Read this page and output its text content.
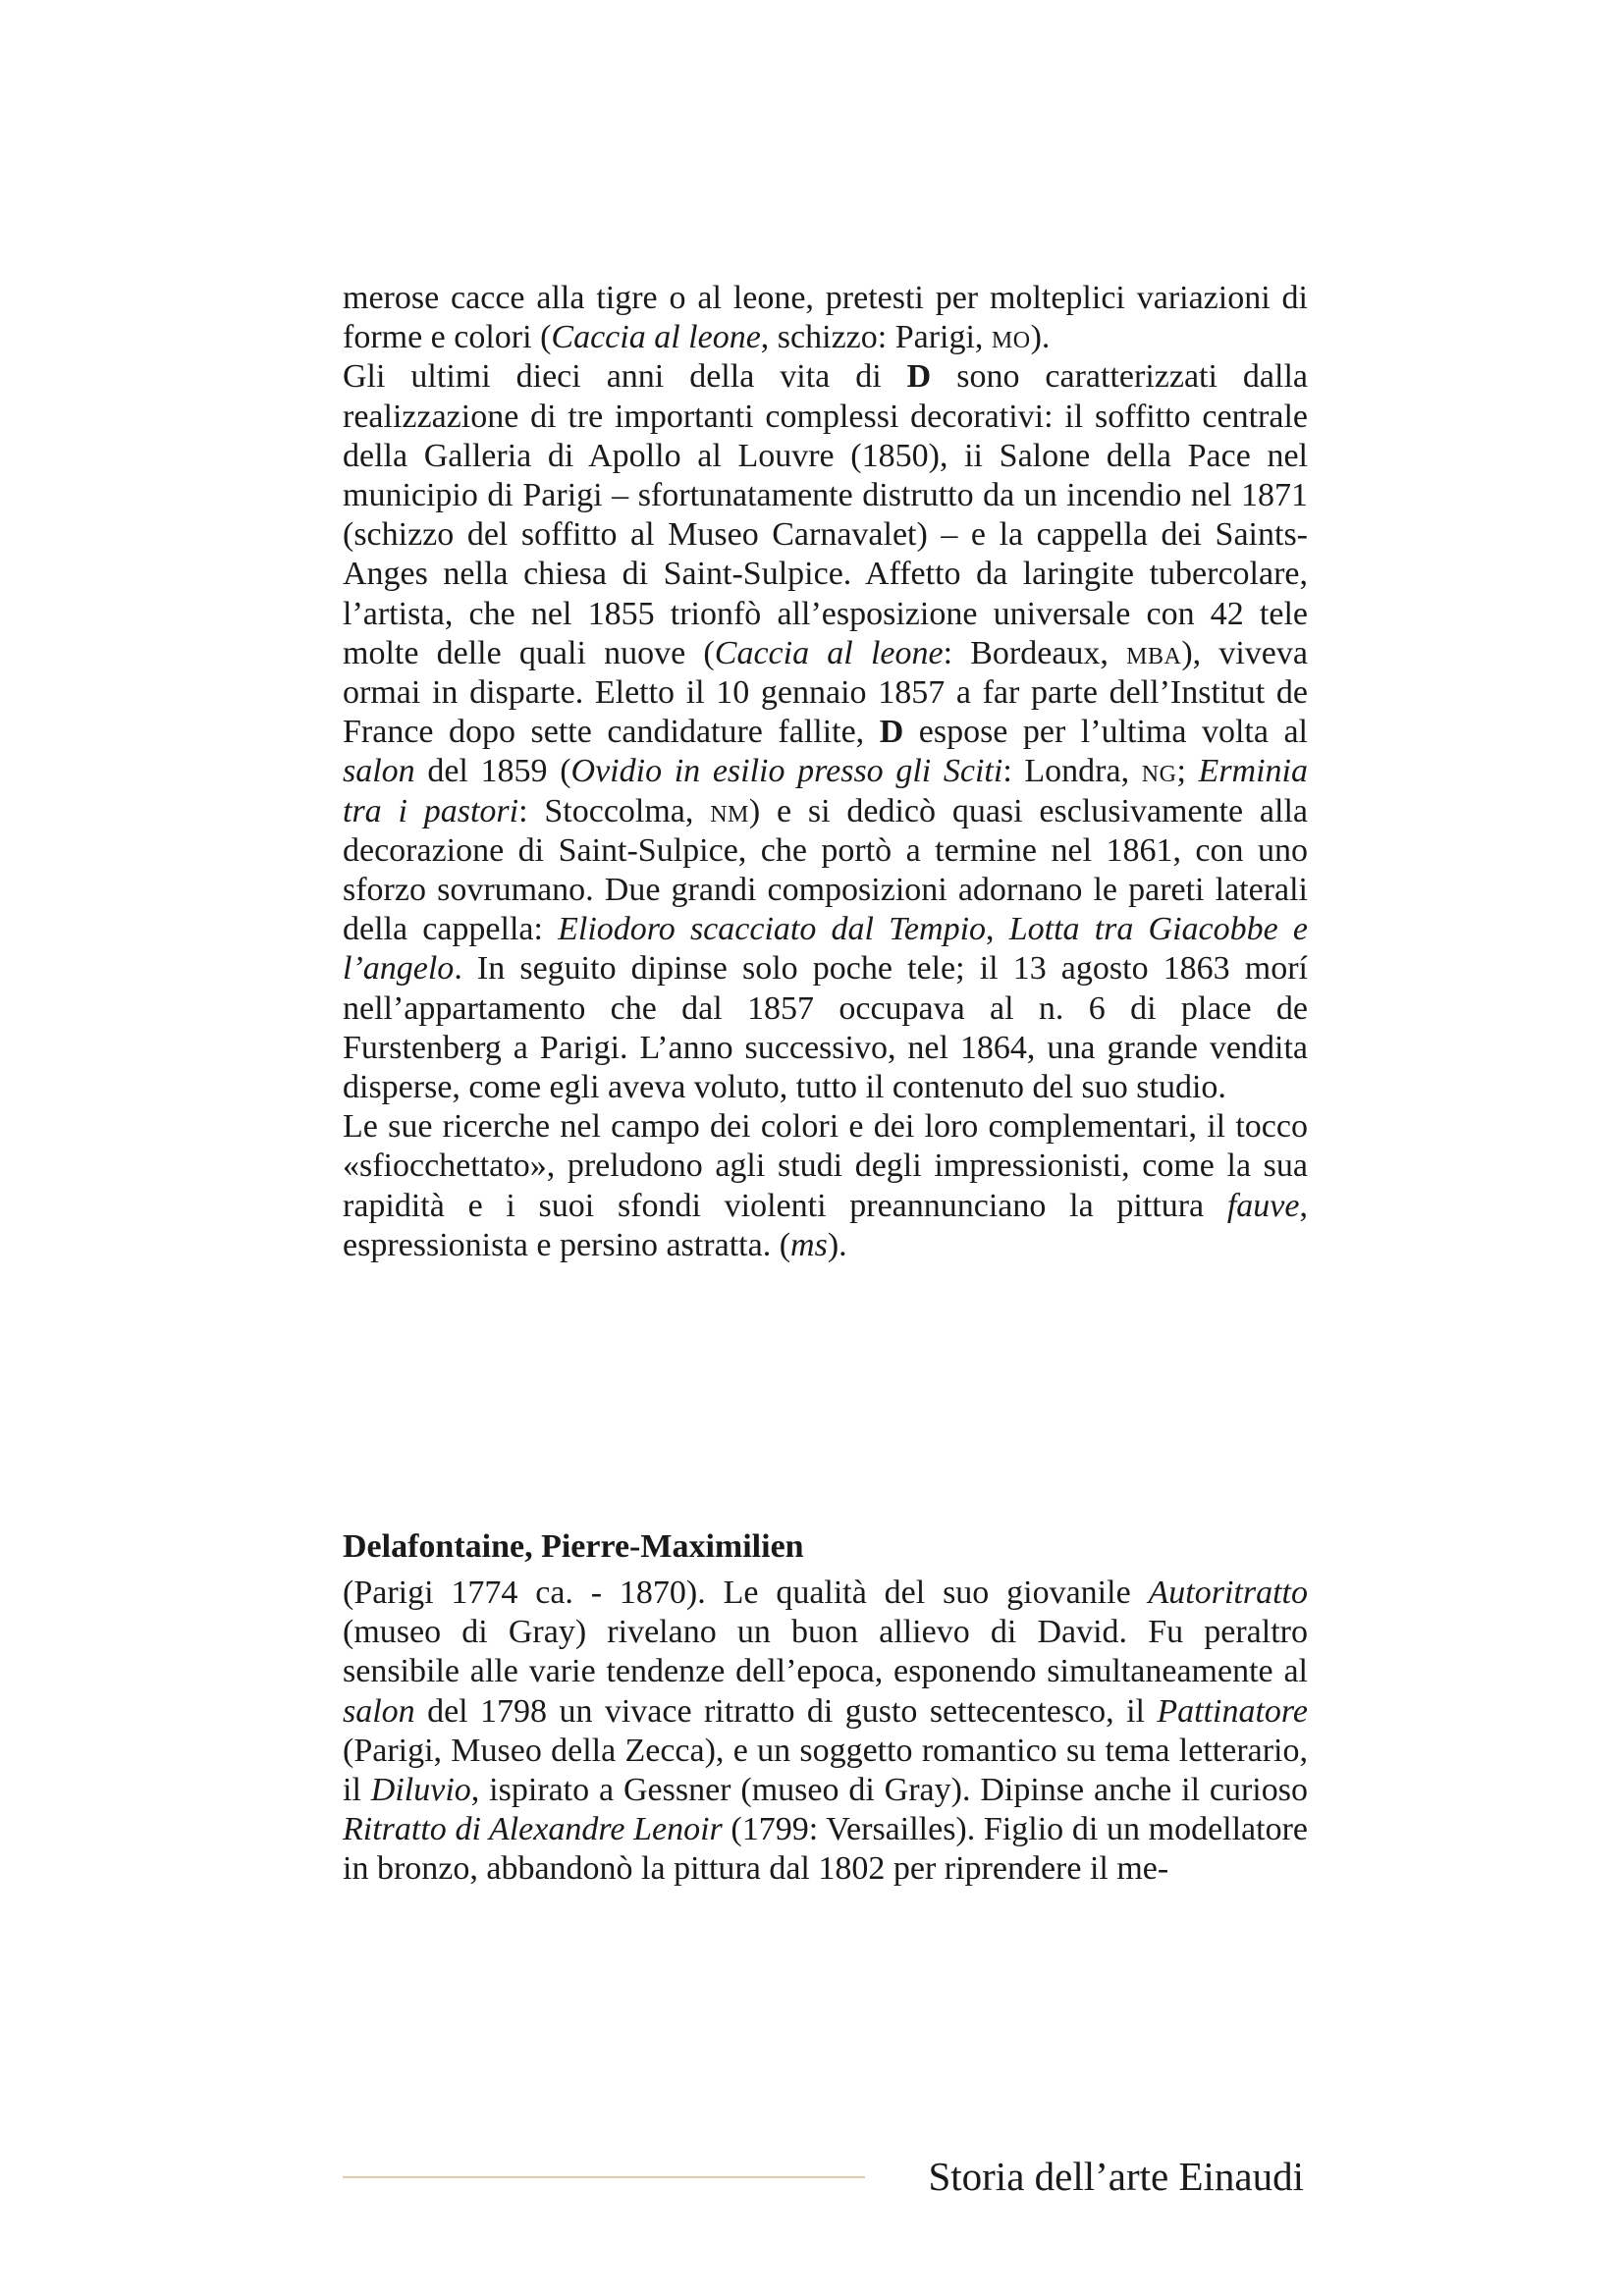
merose cacce alla tigre o al leone, pretesti per molteplici variazioni di forme e colori (Caccia al leone, schizzo: Parigi, mo).

Gli ultimi dieci anni della vita di D sono caratterizzati dalla realizzazione di tre importanti complessi decorativi: il soffitto centrale della Galleria di Apollo al Louvre (1850), ii Salone della Pace nel municipio di Parigi – sfortunatamente distrutto da un incendio nel 1871 (schizzo del soffitto al Museo Carnavalet) – e la cappella dei Saints-Anges nella chiesa di Saint-Sulpice. Affetto da laringite tubercolare, l’artista, che nel 1855 trionfò all’esposizione universale con 42 tele molte delle quali nuove (Caccia al leone: Bordeaux, mba), viveva ormai in disparte. Eletto il 10 gennaio 1857 a far parte dell’Institut de France dopo sette candidature fallite, D espose per l’ultima volta al salon del 1859 (Ovidio in esilio presso gli Sciti: Londra, ng; Erminia tra i pastori: Stoccolma, nm) e si dedicò quasi esclusivamente alla decorazione di Saint-Sulpice, che portò a termine nel 1861, con uno sforzo sovrumano. Due grandi composizioni adornano le pareti laterali della cappella: Eliodoro scacciato dal Tempio, Lotta tra Giacobbe e l’angelo. In seguito dipinse solo poche tele; il 13 agosto 1863 morí nell’appartamento che dal 1857 occupava al n. 6 di place de Furstenberg a Parigi. L’anno successivo, nel 1864, una grande vendita disperse, come egli aveva voluto, tutto il contenuto del suo studio.

Le sue ricerche nel campo dei colori e dei loro complementari, il tocco «sfiocchettato», preludono agli studi degli impressionisti, come la sua rapidità e i suoi sfondi violenti preannunciano la pittura fauve, espressionista e persino astratta. (ms).

Delafontaine, Pierre-Maximilien

(Parigi 1774 ca. - 1870). Le qualità del suo giovanile Autoritratto (museo di Gray) rivelano un buon allievo di David. Fu peraltro sensibile alle varie tendenze dell’epoca, esponendo simultaneamente al salon del 1798 un vivace ritratto di gusto settecentesco, il Pattinatore (Parigi, Museo della Zecca), e un soggetto romantico su tema letterario, il Diluvio, ispirato a Gessner (museo di Gray). Dipinse anche il curioso Ritratto di Alexandre Lenoir (1799: Versailles). Figlio di un modellatore in bronzo, abbandonò la pittura dal 1802 per riprendere il me-

Storia dell’arte Einaudi
